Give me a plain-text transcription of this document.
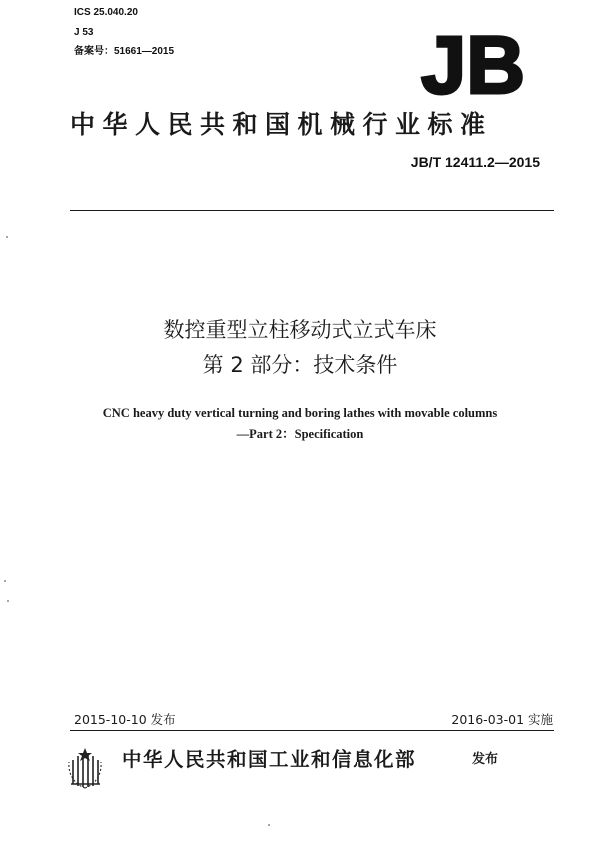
ICS 25.040.20
J 53
备案号：51661—2015	JB
中华人民共和国机械行业标准
JB/T 12411.2—2015
数控重型立柱移动式立式车床
第 2 部分：技术条件
CNC heavy duty vertical turning and boring lathes with movable columns
—Part 2：Specification
2015-10-10 发布	2016-03-01 实施
中华人民共和国工业和信息化部	发布
